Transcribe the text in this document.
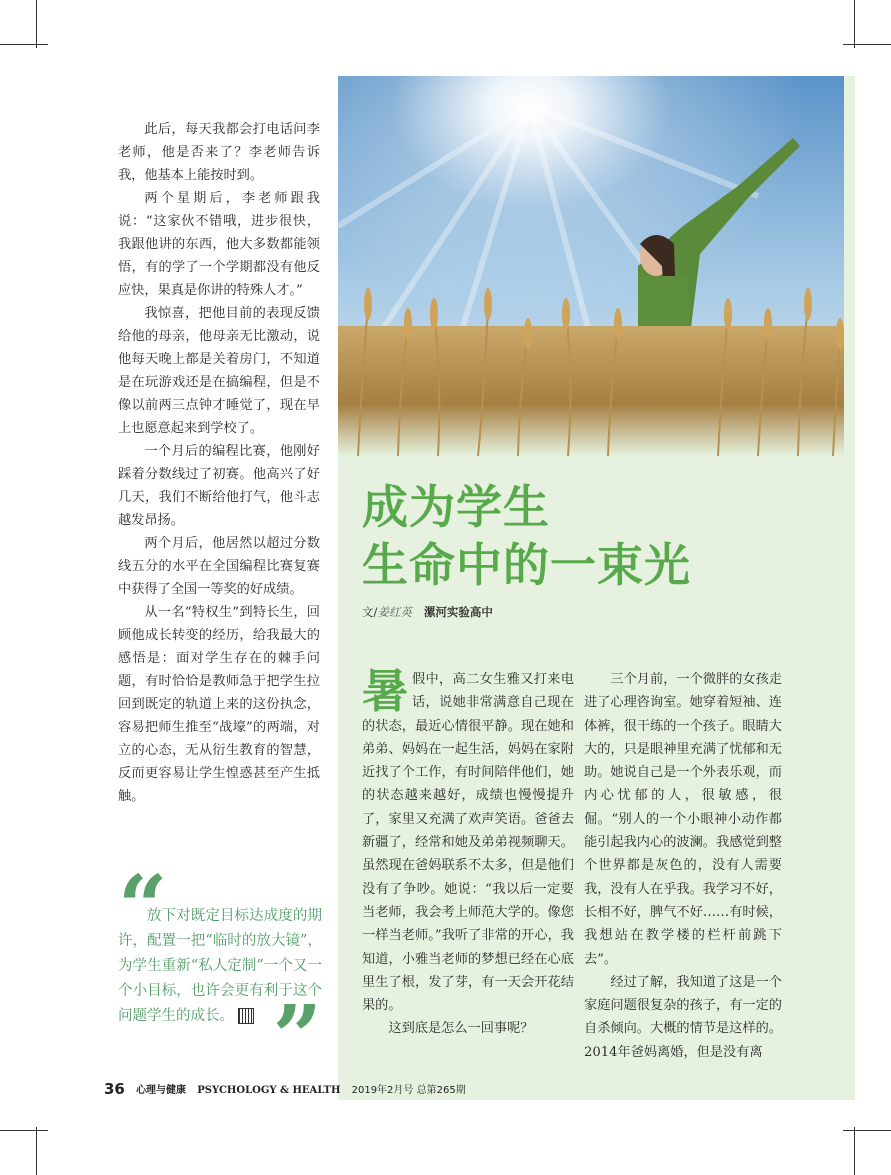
此后，每天我都会打电话问李老师，他是否来了？李老师告诉我，他基本上能按时到。

两个星期后，李老师跟我说：“这家伙不错哦，进步很快，我跟他讲的东西，他大多数都能领悟，有的学了一个学期都没有他反应快，果真是你讲的特殊人才。”

我惊喜，把他目前的表现反馈给他的母亲，他母亲无比激动，说他每天晚上都是关着房门，不知道是在玩游戏还是在搞编程，但是不像以前两三点钟才睡觉了，现在早上也愿意起来到学校了。

一个月后的编程比赛，他刚好踩着分数线过了初赛。他高兴了好几天，我们不断给他打气，他斗志越发昂扬。

两个月后，他居然以超过分数线五分的水平在全国编程比赛复赛中获得了全国一等奖的好成绩。

从一名“特权生”到特长生，回顾他成长转变的经历，给我最大的感悟是：面对学生存在的棘手问题，有时恰恰是教师急于把学生拉回到既定的轨道上来的这份执念，容易把师生推至“战壕”的两端，对立的心态，无从衍生教育的智慧，反而更容易让学生惶惑甚至产生抵触。

“

放下对既定目标达成度的期许，配置一把“临时的放大镜”，为学生重新“私人定制”一个又一个小目标，也许会更有利于这个问题学生的成长。 ”
成为学生
生命中的一束光
文/姜红英 漯河实验高中

暑假中，高二女生雅又打来电话，说她非常满意自己现在的状态，最近心情很平静。现在她和弟弟、妈妈在一起生活，妈妈在家附近找了个工作，有时间陪伴他们，她的状态越来越好，成绩也慢慢提升了，家里又充满了欢声笑语。爸爸去新疆了，经常和她及弟弟视频聊天。虽然现在爸妈联系不太多，但是他们没有了争吵。她说：“我以后一定要当老师，我会考上师范大学的。像您一样当老师。”我听了非常的开心，我知道，小雅当老师的梦想已经在心底里生了根，发了芽，有一天会开花结果的。

这到底是怎么一回事呢？

三个月前，一个微胖的女孩走进了心理咨询室。她穿着短袖、连体裤，很干练的一个孩子。眼睛大大的，只是眼神里充满了忧郁和无助。她说自己是一个外表乐观，而内心忧郁的人，很敏感，很倔。“别人的一个小眼神小动作都能引起我内心的波澜。我感觉到整个世界都是灰色的，没有人需要我，没有人在乎我。我学习不好，长相不好，脾气不好……有时候，我想站在教学楼的栏杆前跳下去”。

经过了解，我知道了这是一个家庭问题很复杂的孩子，有一定的自杀倾向。大概的情节是这样的。2014年爸妈离婚，但是没有离

36 心理与健康 PSYCHOLOGY & HEALTH 2019年2月号 总第265期
